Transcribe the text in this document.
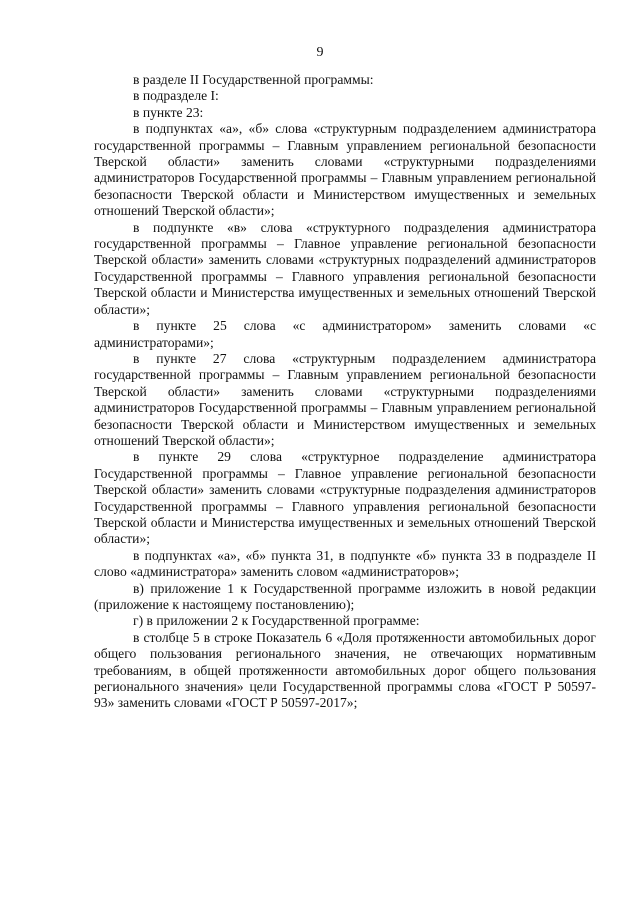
9

в разделе II Государственной программы:

в подразделе I:

в пункте 23:

в подпунктах «а», «б» слова «структурным подразделением администратора государственной программы – Главным управлением региональной безопасности Тверской области» заменить словами «структурными подразделениями администраторов Государственной программы – Главным управлением региональной безопасности Тверской области и Министерством имущественных и земельных отношений Тверской области»;

в подпункте «в» слова «структурного подразделения администратора государственной программы – Главное управление региональной безопасности Тверской области» заменить словами «структурных подразделений администраторов Государственной программы – Главного управления региональной безопасности Тверской области и Министерства имущественных и земельных отношений Тверской области»;

в пункте 25 слова «с администратором» заменить словами «с администраторами»;

в пункте 27 слова «структурным подразделением администратора государственной программы – Главным управлением региональной безопасности Тверской области» заменить словами «структурными подразделениями администраторов Государственной программы – Главным управлением региональной безопасности Тверской области и Министерством имущественных и земельных отношений Тверской области»;

в пункте 29 слова «структурное подразделение администратора Государственной программы – Главное управление региональной безопасности Тверской области» заменить словами «структурные подразделения администраторов Государственной программы – Главного управления региональной безопасности Тверской области и Министерства имущественных и земельных отношений Тверской области»;

в подпунктах «а», «б» пункта 31, в подпункте «б» пункта 33 в подразделе II слово «администратора» заменить словом «администраторов»;

в) приложение 1 к Государственной программе изложить в новой редакции (приложение к настоящему постановлению);

г) в приложении 2 к Государственной программе:

в столбце 5 в строке Показатель 6 «Доля протяженности автомобильных дорог общего пользования регионального значения, не отвечающих нормативным требованиям, в общей протяженности автомобильных дорог общего пользования регионального значения» цели Государственной программы слова «ГОСТ Р 50597-93» заменить словами «ГОСТ Р 50597-2017»;
